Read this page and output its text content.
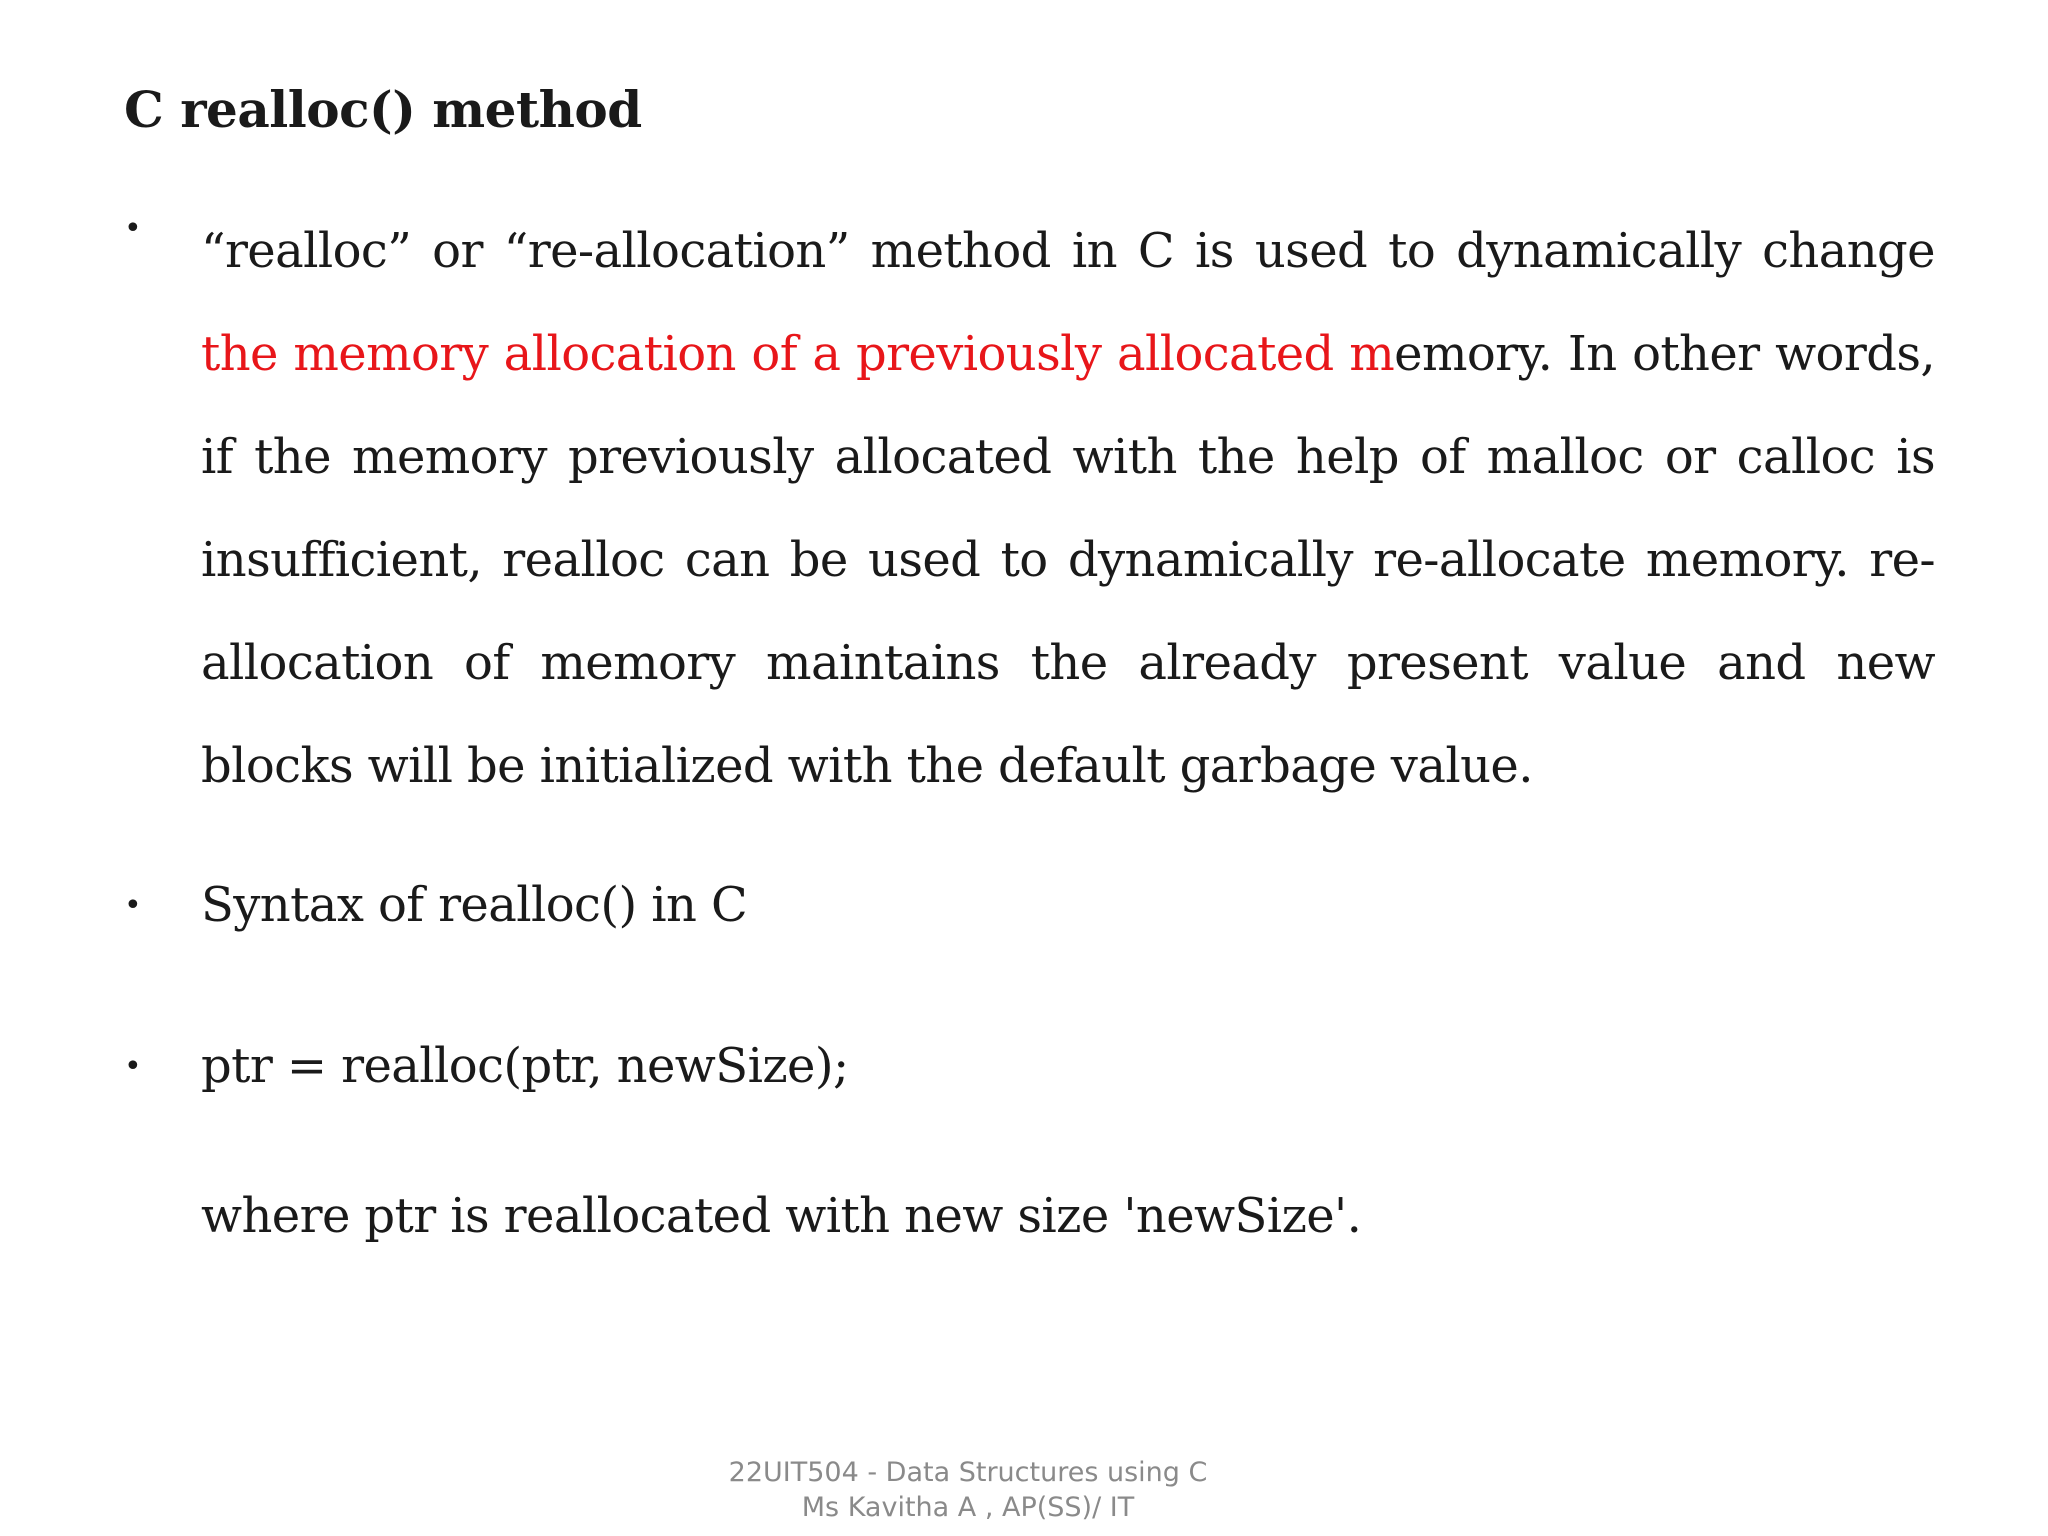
C realloc() method
• “realloc” or “re-allocation” method in C is used to dynamically change the memory allocation of a previously allocated memory. In other words, if the memory previously allocated with the help of malloc or calloc is insufficient, realloc can be used to dynamically re-allocate memory. re-allocation of memory maintains the already present value and new blocks will be initialized with the default garbage value.

• Syntax of realloc() in C
• ptr = realloc(ptr, newSize);
where ptr is reallocated with new size 'newSize'.
22UIT504 - Data Structures using C
Ms Kavitha A , AP(SS)/ IT
